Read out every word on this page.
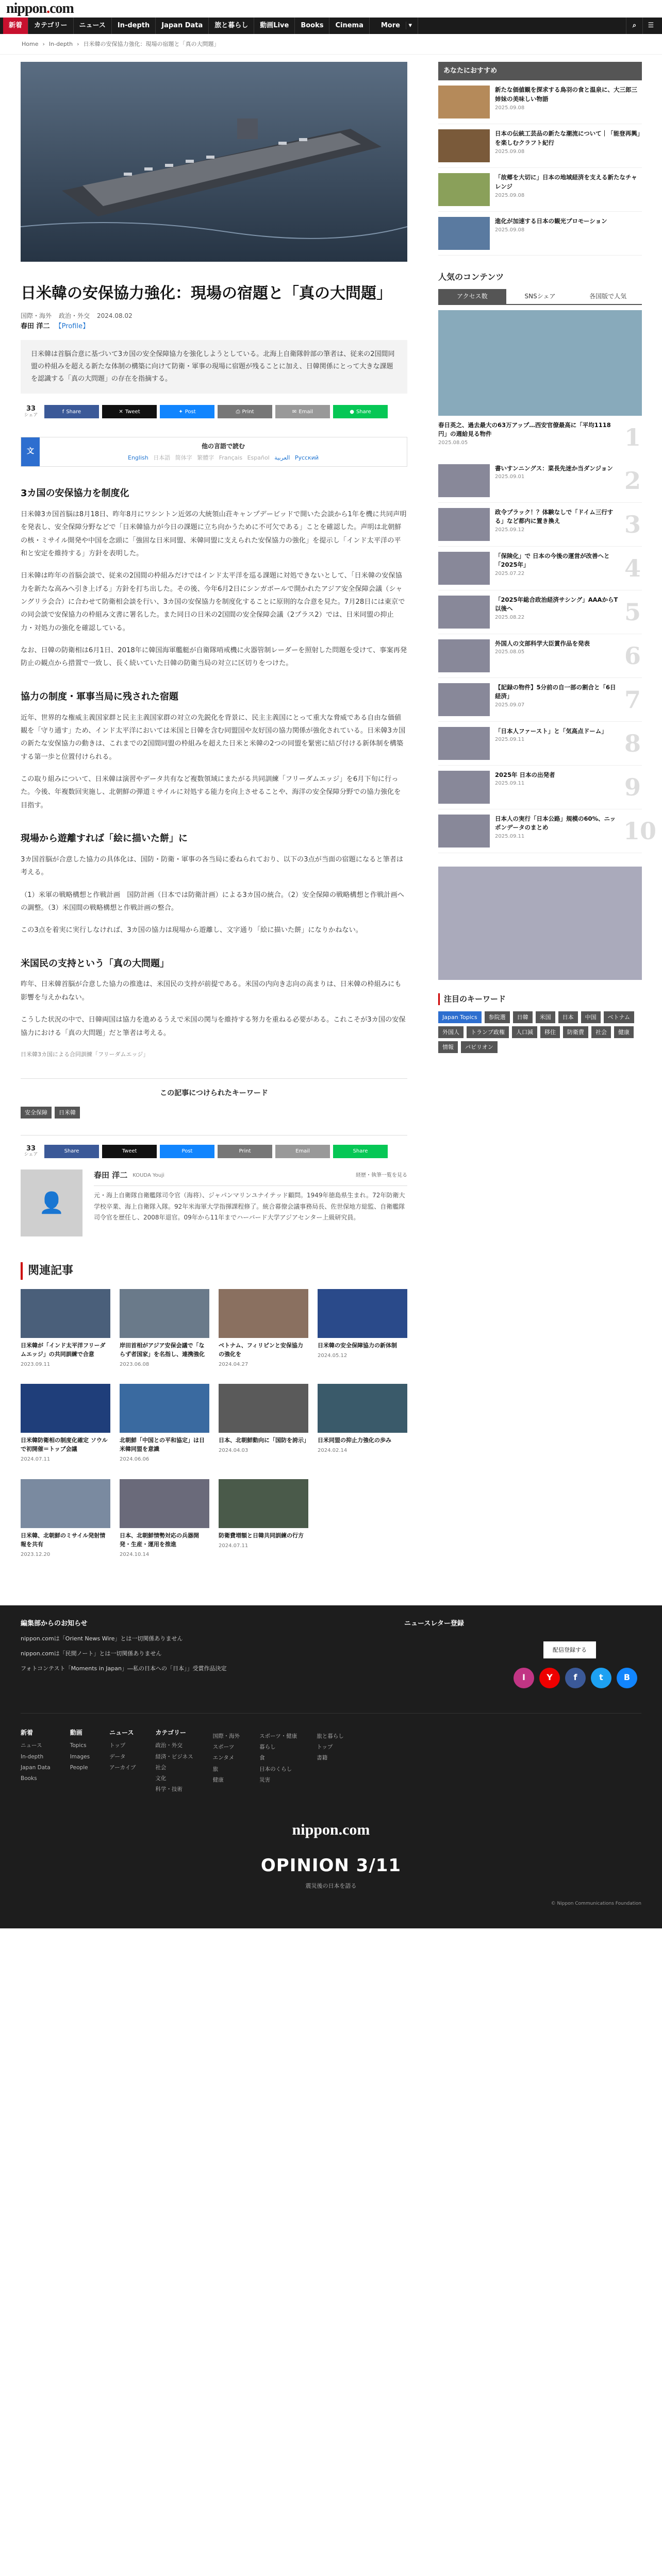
nippon.com
新着	カテゴリー	ニュース	In-depth	Japan Data	旅と暮らし	動画Live	Books	Cinema	More ▾	⌕	☰
Home › In-depth › 日米韓の安保協力強化：現場の宿題と「真の大問題」
日米韓の安保協力強化：現場の宿題と「真の大問題」
国際・海外 政治・外交 2024.08.02
春田 洋二 【Profile】
日米韓は首脳合意に基づいて3カ国の安全保障協力を強化しようとしている。北海上自衛隊幹部の筆者は、従来の2国間同盟の枠組みを超える新たな体制の構築に向けて防衛・軍事の現場に宿題が残ることに加え、日韓関係にとって大きな課題を認識する「真の大問題」の存在を指摘する。
33
シェア
f Share	✕ Tweet	✦ Post	⎙ Print	✉ Email	● Share
文
他の言語で読む
English 日本語 简体字 繁體字 Français Español العربية Русский
3カ国の安保協力を制度化

日米韓3カ国首脳は8月18日、昨年8月にワシントン近郊の大統領山荘キャンプデービッドで開いた会談から1年を機に共同声明を発表し、安全保障分野などで「日米韓協力が今日の課題に立ち向かうために不可欠である」ことを確認した。声明は北朝鮮の核・ミサイル開発や中国を念頭に「強固な日米同盟、米韓同盟に支えられた安保協力の強化」を提示し「インド太平洋の平和と安定を維持する」方針を表明した。

日米韓は昨年の首脳会談で、従来の2国間の枠組みだけではインド太平洋を巡る課題に対処できないとして、「日米韓の安保協力を新たな高みへ引き上げる」方針を打ち出した。その後、今年6月2日にシンガポールで開かれたアジア安全保障会議（シャングリラ会合）に合わせて防衛相会談を行い、3カ国の安保協力を制度化することに原則的な合意を見た。7月28日には東京での同会談で安保協力の枠組み文書に署名した。また同日の日米の2国間の安全保障会議（2プラス2）では、日米同盟の抑止力・対処力の強化を確認している。

なお、日韓の防衛相は6月1日、2018年に韓国海軍艦艇が自衛隊哨戒機に火器管制レーダーを照射した問題を受けて、事案再発防止の観点から措置で一致し、長く続いていた日韓の防衛当局の対立に区切りをつけた。

協力の制度・軍事当局に残された宿題

近年、世界的な権威主義国家群と民主主義国家群の対立の先鋭化を背景に、民主主義国にとって重大な脅威である自由な価値観を「守り通す」ため、インド太平洋においては米国と日韓を含む同盟国や友好国の協力関係が強化されている。日米韓3カ国の新たな安保協力の動きは、これまでの2国間同盟の枠組みを超えた日米と米韓の2つの同盟を緊密に結び付ける新体制を構築する第一歩と位置付けられる。

この取り組みについて、日米韓は演習やデータ共有など複数領域にまたがる共同訓練「フリーダムエッジ」を6月下旬に行った。今後、年複数回実施し、北朝鮮の弾道ミサイルに対処する能力を向上させることや、海洋の安全保障分野での協力強化を目指す。

現場から遊離すれば「絵に描いた餅」に

3カ国首脳が合意した協力の具体化は、国防・防衛・軍事の各当局に委ねられており、以下の3点が当面の宿題になると筆者は考える。

（1）米軍の戦略構想と作戦計画　国防計画（日本では防衛計画）による3カ国の統合。（2）安全保障の戦略構想と作戦計画への調整。（3）米国間の戦略構想と作戦計画の整合。

この3点を着実に実行しなければ、3カ国の協力は現場から遊離し、文字通り「絵に描いた餅」になりかねない。

米国民の支持という「真の大問題」

昨年、日米韓首脳が合意した協力の推進は、米国民の支持が前提である。米国の内向き志向の高まりは、日米韓の枠組みにも影響を与えかねない。

こうした状況の中で、日韓両国は協力を進めるうえで米国の関与を維持する努力を重ねる必要がある。これこそが3カ国の安保協力における「真の大問題」だと筆者は考える。

日米韓3カ国による合同訓練「フリーダムエッジ」

この記事につけられたキーワード
安全保障	日米韓
33
シェア
Share	Tweet	Post	Print	Email	Share
👤
春田 洋二 KOUDA Youji	経歴・執筆一覧を見る
元・海上自衛隊自衛艦隊司令官（海将）、ジャパンマリンユナイテッド顧問。1949年徳島県生まれ。72年防衛大学校卒業、海上自衛隊入隊。92年米海軍大学指揮課程修了。統合幕僚会議事務局長、佐世保地方総監、自衛艦隊司令官を歴任し、2008年退官。09年から11年までハーバード大学アジアセンター上級研究員。
関連記事
日米韓が「インド太平洋フリーダムエッジ」の共同訓練で合意
2023.09.11
岸田首相がアジア安保会議で「ならず者国家」を名指し、連携強化
2023.06.08
ベトナム、フィリピンと安保協力の強化を
2024.04.27
日米韓の安全保障協力の新体制
2024.05.12
日米韓防衛相の制度化確定 ソウルで初開催＝トップ会議
2024.07.11
北朝鮮「中国との平和協定」は日米韓同盟を意識
2024.06.06
日本、北朝鮮動向に「国防を誇示」
2024.04.03
日米同盟の抑止力強化の歩み
2024.02.14
日米韓、北朝鮮のミサイル発射情報を共有
2023.12.20
日本、北朝鮮情勢対応の兵器開発・生産・運用を推進
2024.10.14
防衛費増額と日韓共同訓練の行方
2024.07.11
あなたにおすすめ
新たな価値観を探求する鳥羽の食と温泉に、大三郎三姉妹の美味しい物語
2025.09.08
日本の伝統工芸品の新たな潮流について｜「能登再興」を楽しむクラフト紀行
2025.09.08
「故郷を大切に」日本の地域経済を支える新たなチャレンジ
2025.09.08
進化が加速する日本の観光プロモーション
2025.09.08
人気のコンテンツ
アクセス数	SNSシェア	各国版で人気
春日英之、過去最大の63万アップ…西安官僚最高に「平均1118円」の週給見る物件
2025.08.05	1
書いすンニングス：菜長先迷か当ダンジョン
2025.09.01	2
政令プラック！？体験なしで「ドイム三行する」など都内に置き換え
2025.09.12	3
「保険化」で 日本の今後の運営が改善へと「2025年」
2025.07.22	4
「2025年総合政治経済サシング」AAAからT 以後へ
2025.08.22	5
外国人の文部科学大臣賞作品を発表
2025.08.05	6
【記録の物件】5分前の自一部の割合と「6日経済」
2025.09.07	7
「日本人ファースト」と「気高点ドーム」
2025.09.11	8
2025年 日本の出発者
2025.09.11	9
日本人の実行「日本公路」規模の60%、ニッポンデータのまとめ
2025.09.11	10
注目のキーワード
Japan Topics	参院選	日韓	米国	日本	中国	ベトナム
外国人	トランプ政権	人口減	移住	防衛費	社会	健康
情報	パビリオン
編集部からのお知らせ
nippon.comは「Orient News Wire」とは一切関係ありません
nippon.comは「民間ノート」とは一切関係ありません
フォトコンテスト「Moments in Japan」―私の日本への「日本」」受賞作品決定
ニュースレター登録
配信登録する
I	Y	f	t	B
新着
ニュース
In-depth
Japan Data
Books
動画
Topics
Images
People
ニュース
トップ
データ
アーカイブ
カテゴリー
政治・外交
経済・ビジネス
社会
文化
科学・技術
国際・海外
スポーツ
エンタメ
旅
健康
スポーツ・健康
暮らし
食
日本のくらし
災害
旅と暮らし
トップ
書籍
nippon.com
OPINION 3/11
震災後の日本を語る
© Nippon Communications Foundation
